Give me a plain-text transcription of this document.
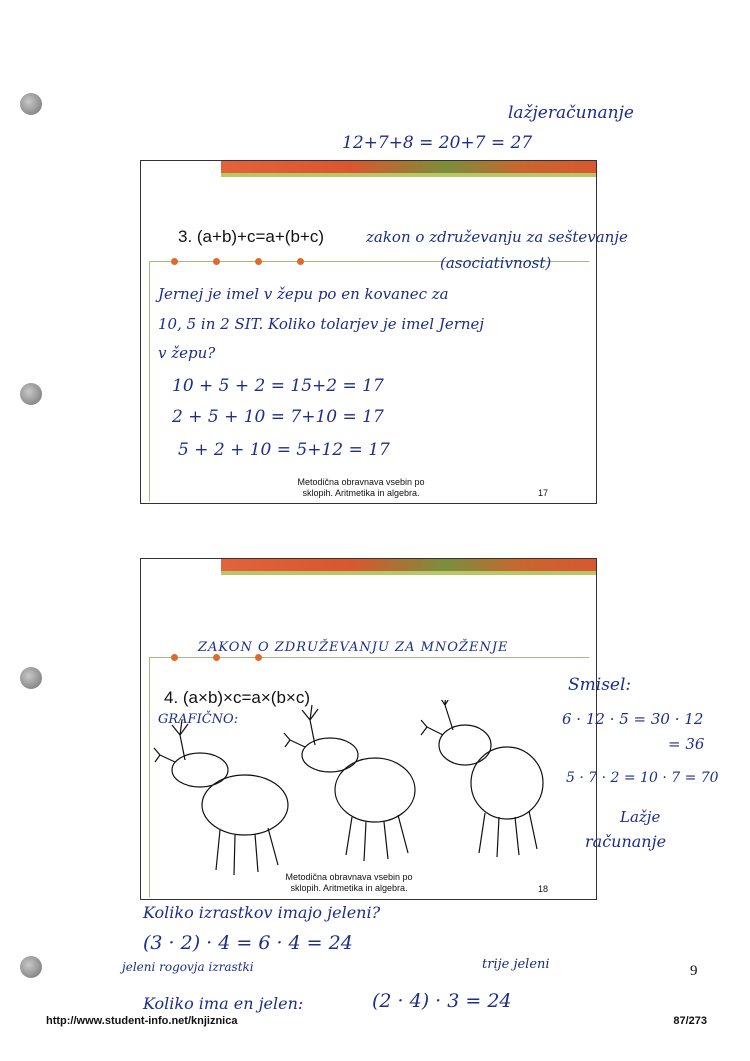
lažjeračunanje
12+7+8 = 20+7 = 27
3. (a+b)+c=a+(b+c)
Metodična obravnava vsebin po
sklopih. Aritmetika in algebra.	17
zakon o združevanju za seštevanje
(asociativnost)
Jernej je imel v žepu po en kovanec za
10, 5 in 2 SIT. Koliko tolarjev je imel Jernej
v žepu?
10 + 5 + 2 = 15+2 = 17
2 + 5 + 10 = 7+10 = 17
5 + 2 + 10 = 5+12 = 17
4. (a×b)×c=a×(b×c)
Metodična obravnava vsebin po
sklopih. Aritmetika in algebra.	18
ZAKON O ZDRUŽEVANJU ZA MNOŽENJE
GRAFIČNO:
Smisel:
6 · 12 · 5 = 30 · 12
= 36
5 · 7 · 2 = 10 · 7 = 70
Lažje
računanje
Koliko izrastkov imajo jeleni?
(3 · 2) · 4 = 6 · 4 = 24
jeleni rogovja izrastki	trije jeleni
Koliko ima en jelen:	(2 · 4) · 3 = 24
9
http://www.student-info.net/knjiznica	87/273
